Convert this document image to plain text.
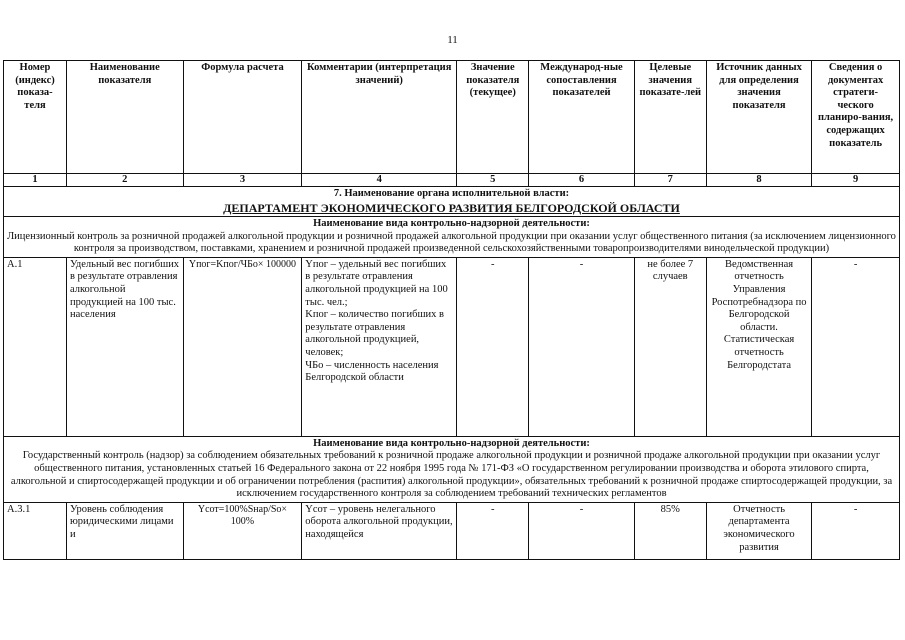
11
Номер (индекс) показа-теля	Наименование показателя	Формула расчета	Комментарии (интерпретация значений)	Значение показателя (текущее)	Международ-ные сопоставления показателей	Целевые значения показате-лей	Источник данных для определения значения показателя	Сведения о документах стратеги-ческого планиро-вания, содержащих показатель
1	2	3	4	5	6	7	8	9

7. Наименование органа исполнительной власти:
ДЕПАРТАМЕНТ ЭКОНОМИЧЕСКОГО РАЗВИТИЯ БЕЛГОРОДСКОЙ ОБЛАСТИ								

Наименование вида контрольно-надзорной деятельности:
Лицензионный контроль за розничной продажей алкогольной продукции и розничной продажей алкогольной продукции при оказании услуг общественного питания (за исключением лицензионного контроля за производством, поставками, хранением и розничной продажей произведенной сельскохозяйственными товаропроизводителями винодельческой продукции)								

А.1	Удельный вес погибших в результате отравления алкогольной продукцией на 100 тыс. населения	Yпог=Kпог/ЧБо× 100000	Yпог – удельный вес погибших в результате отравления алкогольной продукцией на 100 тыс. чел.;
Kпог – количество погибших в результате отравления алкогольной продукцией, человек;
ЧБо – численность населения Белгородской области	-	-	не более 7 случаев	Ведомственная отчетность Управления Роспотребнадзора по Белгородской области. Статистическая отчетность Белгородстата	-

Наименование вида контрольно-надзорной деятельности:
Государственный контроль (надзор) за соблюдением обязательных требований к розничной продаже алкогольной продукции и розничной продаже алкогольной продукции при оказании услуг общественного питания, установленных статьей 16 Федерального закона от 22 ноября 1995 года № 171-ФЗ «О государственном регулировании производства и оборота этилового спирта, алкогольной и спиртосодержащей продукции и об ограничении потребления (распития) алкогольной продукции», обязательных требований к розничной продаже спиртосодержащей продукции, за исключением государственного контроля за соблюдением требований технических регламентов								

А.3.1	Уровень соблюдения юридическими лицами и	Yсот=100%Sнар/Sо× 100%	Yсот – уровень нелегального оборота алкогольной продукции, находящейся	-	-	85%	Отчетность департамента экономического развития	-
